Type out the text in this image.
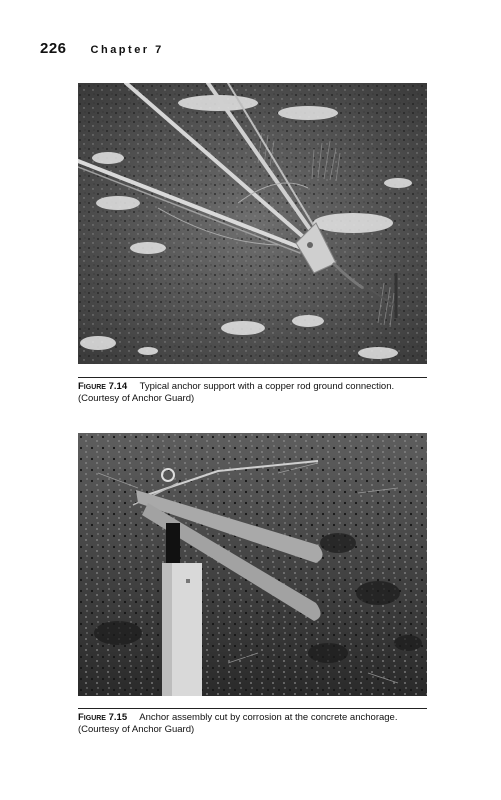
226 Chapter 7
Figure 7.14 Typical anchor support with a copper rod ground connection.
(Courtesy of Anchor Guard)
Figure 7.15 Anchor assembly cut by corrosion at the concrete anchorage.
(Courtesy of Anchor Guard)
